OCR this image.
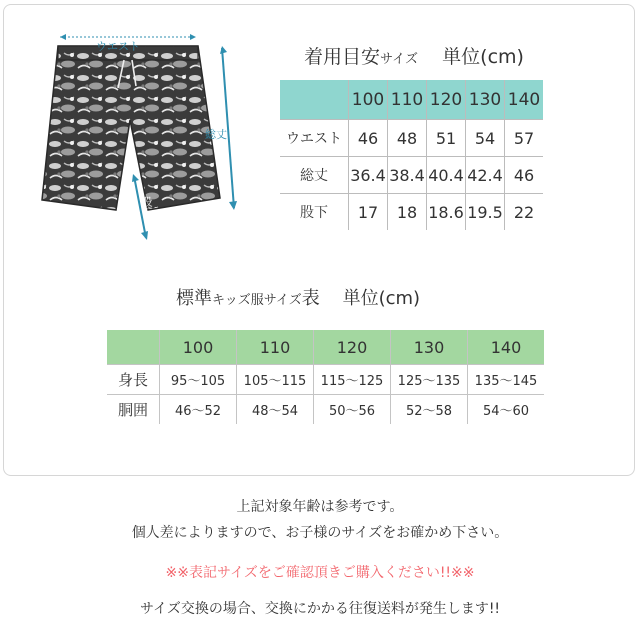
ウエスト
総丈
股下
着用目安サイズ 単位(cm)
	100	110	120	130	140
ウエスト	46	48	51	54	57
総丈	36.4	38.4	40.4	42.4	46
股下	17	18	18.6	19.5	22
標準キッズ服サイズ表 単位(cm)
	100	110	120	130	140
身長	95〜105	105〜115	115〜125	125〜135	135〜145
胴囲	46〜52	48〜54	50〜56	52〜58	54〜60
上記対象年齢は参考です。
個人差によりますので、お子様のサイズをお確かめ下さい。
※※表記サイズをご確認頂きご購入ください!!※※
サイズ交換の場合、交換にかかる往復送料が発生します!!
